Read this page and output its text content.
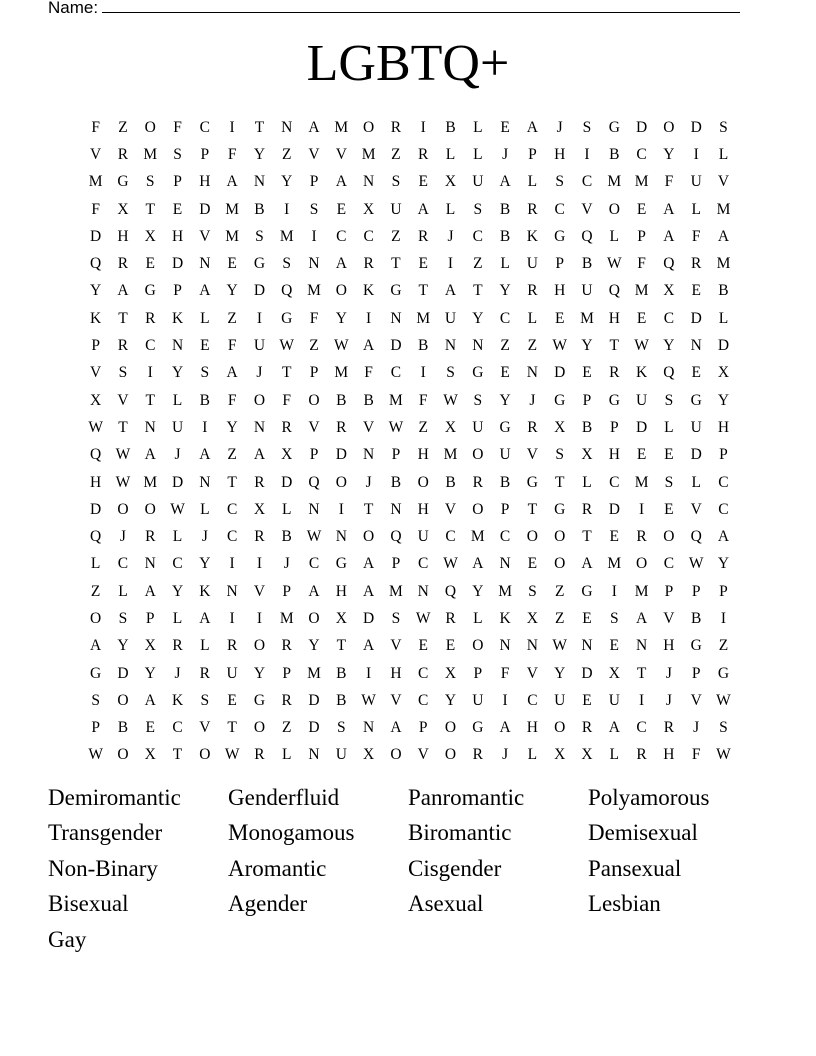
Name:
LGBTQ+
F	Z	O	F	C	I	T	N	A M O	R	I	B	L	E	A	J	S	G	D	O	D	S
V	R M	S	P	F	Y	Z	V	V M	Z	R	L	L	J	P	H	I	B	C	Y	I	L
M G	S	P	H	A	N	Y	P	A	N	S	E	X	U	A	L	S	C M M	F	U	V
F	X	T	E	D M B	I	S	E	X	U	A	L	S	B	R	C	V	O	E	A	L	M
D	H	X	H	V M	S	M	I	C	C	Z	R	J	C	B	K	G	Q	L	P	A	F	A
Q	R	E	D	N	E	G	S	N	A	R	T	E	I	Z	L	U	P	B W	F	Q	R M
Y	A	G	P	A	Y	D	Q M O	K	G	T	A	T	Y	R	H	U	Q M X	E	B
K	T	R	K	L	Z	I	G	F	Y	I	N M U	Y	C	L	E	M H	E	C	D	L
P	R	C	N	E	F	U W Z W A	D	B	N	N	Z	Z W Y	T W Y	N	D
V	S	I	Y	S	A	J	T	P	M	F	C	I	S	G	E	N	D	E	R	K	Q	E	X
X	V	T	L	B	F	O	F	O	B	B M	F	W	S	Y	J	G	P	G	U	S	G	Y
W T	N	U	I	Y	N	R	V	R	V W Z	X	U	G	R	X	B	P	D	L	U	H
Q W A	J	A	Z	A	X	P	D	N	P	H M O	U	V	S	X	H	E	E	D	P
H W M D	N	T	R	D	Q	O	J	B	O	B	R	B	G	T	L	C M	S	L	C
D	O	O W L	C	X	L	N	I	T	N	H	V	O	P	T	G	R	D	I	E	V	C
Q	J	R	L	J	C	R	B W N	O	Q	U	C M C	O	O	T	E	R	O	Q	A
L	C	N	C	Y	I	I	J	C	G	A	P	C W A	N	E	O	A M O	C W Y
Z	L	A	Y	K	N	V	P	A	H	A M N	Q	Y M	S	Z	G	I	M	P	P	P
O	S	P	L	A	I	I	M O	X	D	S	W R	L	K	X	Z	E	S	A	V	B	I
A	Y	X	R	L	R	O	R	Y	T	A	V	E	E	O	N	N W N	E	N	H	G	Z
G	D	Y	J	R	U	Y	P	M B	I	H	C	X	P	F	V	Y	D	X	T	J	P	G
S	O	A	K	S	E	G	R	D	B W V	C	Y	U	I	C	U	E	U	I	J	V W
P	B	E	C	V	T	O	Z	D	S	N	A	P	O	G	A	H	O	R	A	C	R	J	S
W O	X	T	O W R	L	N	U	X	O	V	O	R	J	L	X	X	L	R	H	F	W
Demiromantic	Genderfluid	Panromantic	Polyamorous
Transgender	Monogamous	Biromantic	Demisexual
Non-Binary	Aromantic	Cisgender	Pansexual
Bisexual	Agender	Asexual	Lesbian
Gay
